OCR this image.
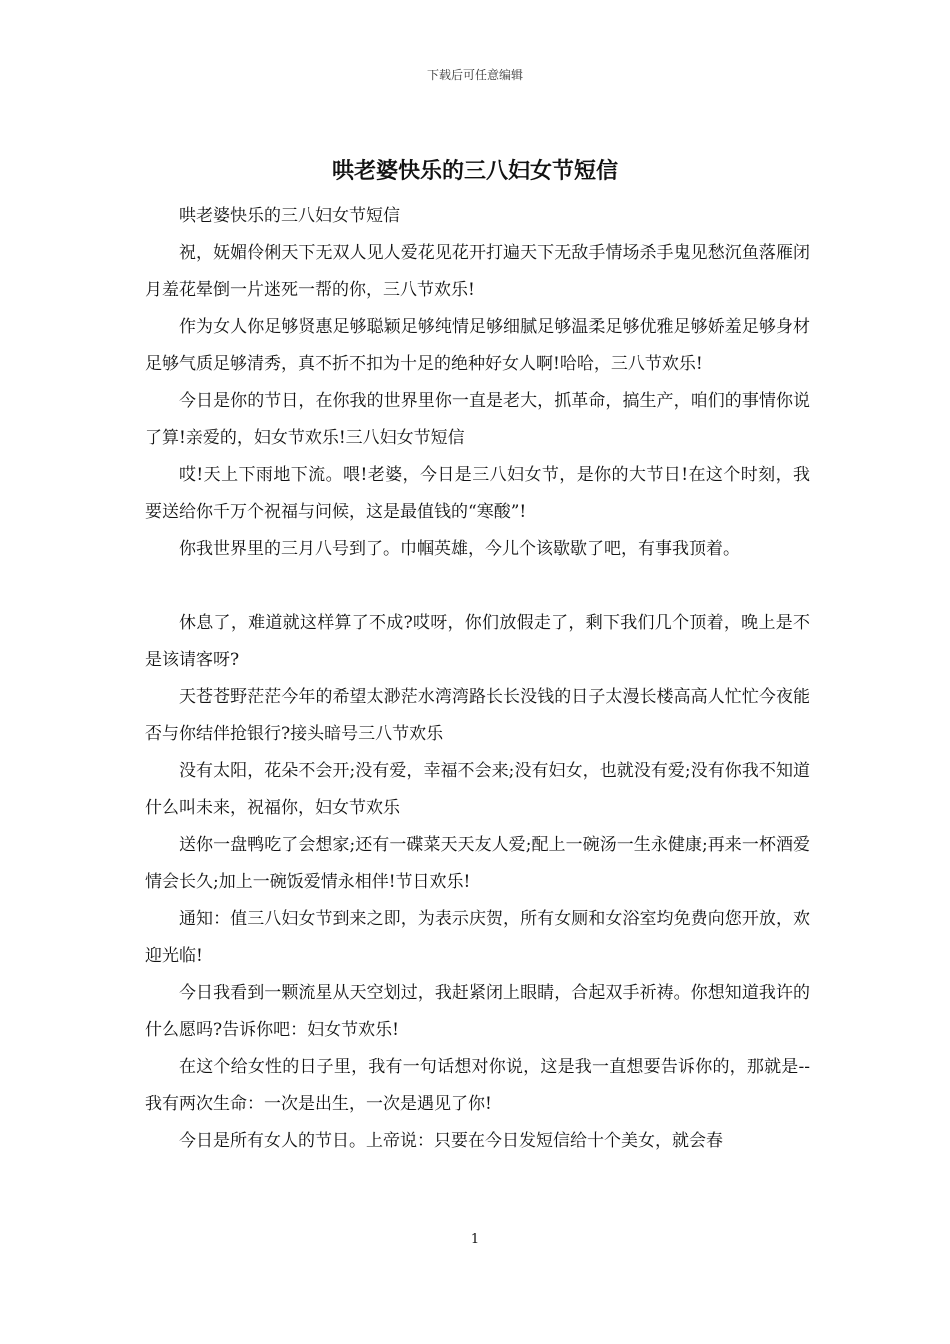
下载后可任意编辑
哄老婆快乐的三八妇女节短信

哄老婆快乐的三八妇女节短信

祝，妩媚伶俐天下无双人见人爱花见花开打遍天下无敌手情场杀手鬼见愁沉鱼落雁闭月羞花晕倒一片迷死一帮的你，三八节欢乐!

作为女人你足够贤惠足够聪颖足够纯情足够细腻足够温柔足够优雅足够娇羞足够身材足够气质足够清秀，真不折不扣为十足的绝种好女人啊!哈哈，三八节欢乐!

今日是你的节日，在你我的世界里你一直是老大，抓革命，搞生产，咱们的事情你说了算!亲爱的，妇女节欢乐!三八妇女节短信

哎!天上下雨地下流。喂!老婆，今日是三八妇女节，是你的大节日!在这个时刻，我要送给你千万个祝福与问候，这是最值钱的“寒酸”!

你我世界里的三月八号到了。巾帼英雄，今儿个该歇歇了吧，有事我顶着。

休息了，难道就这样算了不成?哎呀，你们放假走了，剩下我们几个顶着，晚上是不是该请客呀?

天苍苍野茫茫今年的希望太渺茫水湾湾路长长没钱的日子太漫长楼高高人忙忙今夜能否与你结伴抢银行?接头暗号三八节欢乐

没有太阳，花朵不会开;没有爱，幸福不会来;没有妇女，也就没有爱;没有你我不知道什么叫未来，祝福你，妇女节欢乐

送你一盘鸭吃了会想家;还有一碟菜天天友人爱;配上一碗汤一生永健康;再来一杯酒爱情会长久;加上一碗饭爱情永相伴!节日欢乐!

通知：值三八妇女节到来之即，为表示庆贺，所有女厕和女浴室均免费向您开放，欢迎光临!

今日我看到一颗流星从天空划过，我赶紧闭上眼睛，合起双手祈祷。你想知道我许的什么愿吗?告诉你吧：妇女节欢乐!

在这个给女性的日子里，我有一句话想对你说，这是我一直想要告诉你的，那就是--我有两次生命：一次是出生，一次是遇见了你!

今日是所有女人的节日。上帝说：只要在今日发短信给十个美女，就会春

1
